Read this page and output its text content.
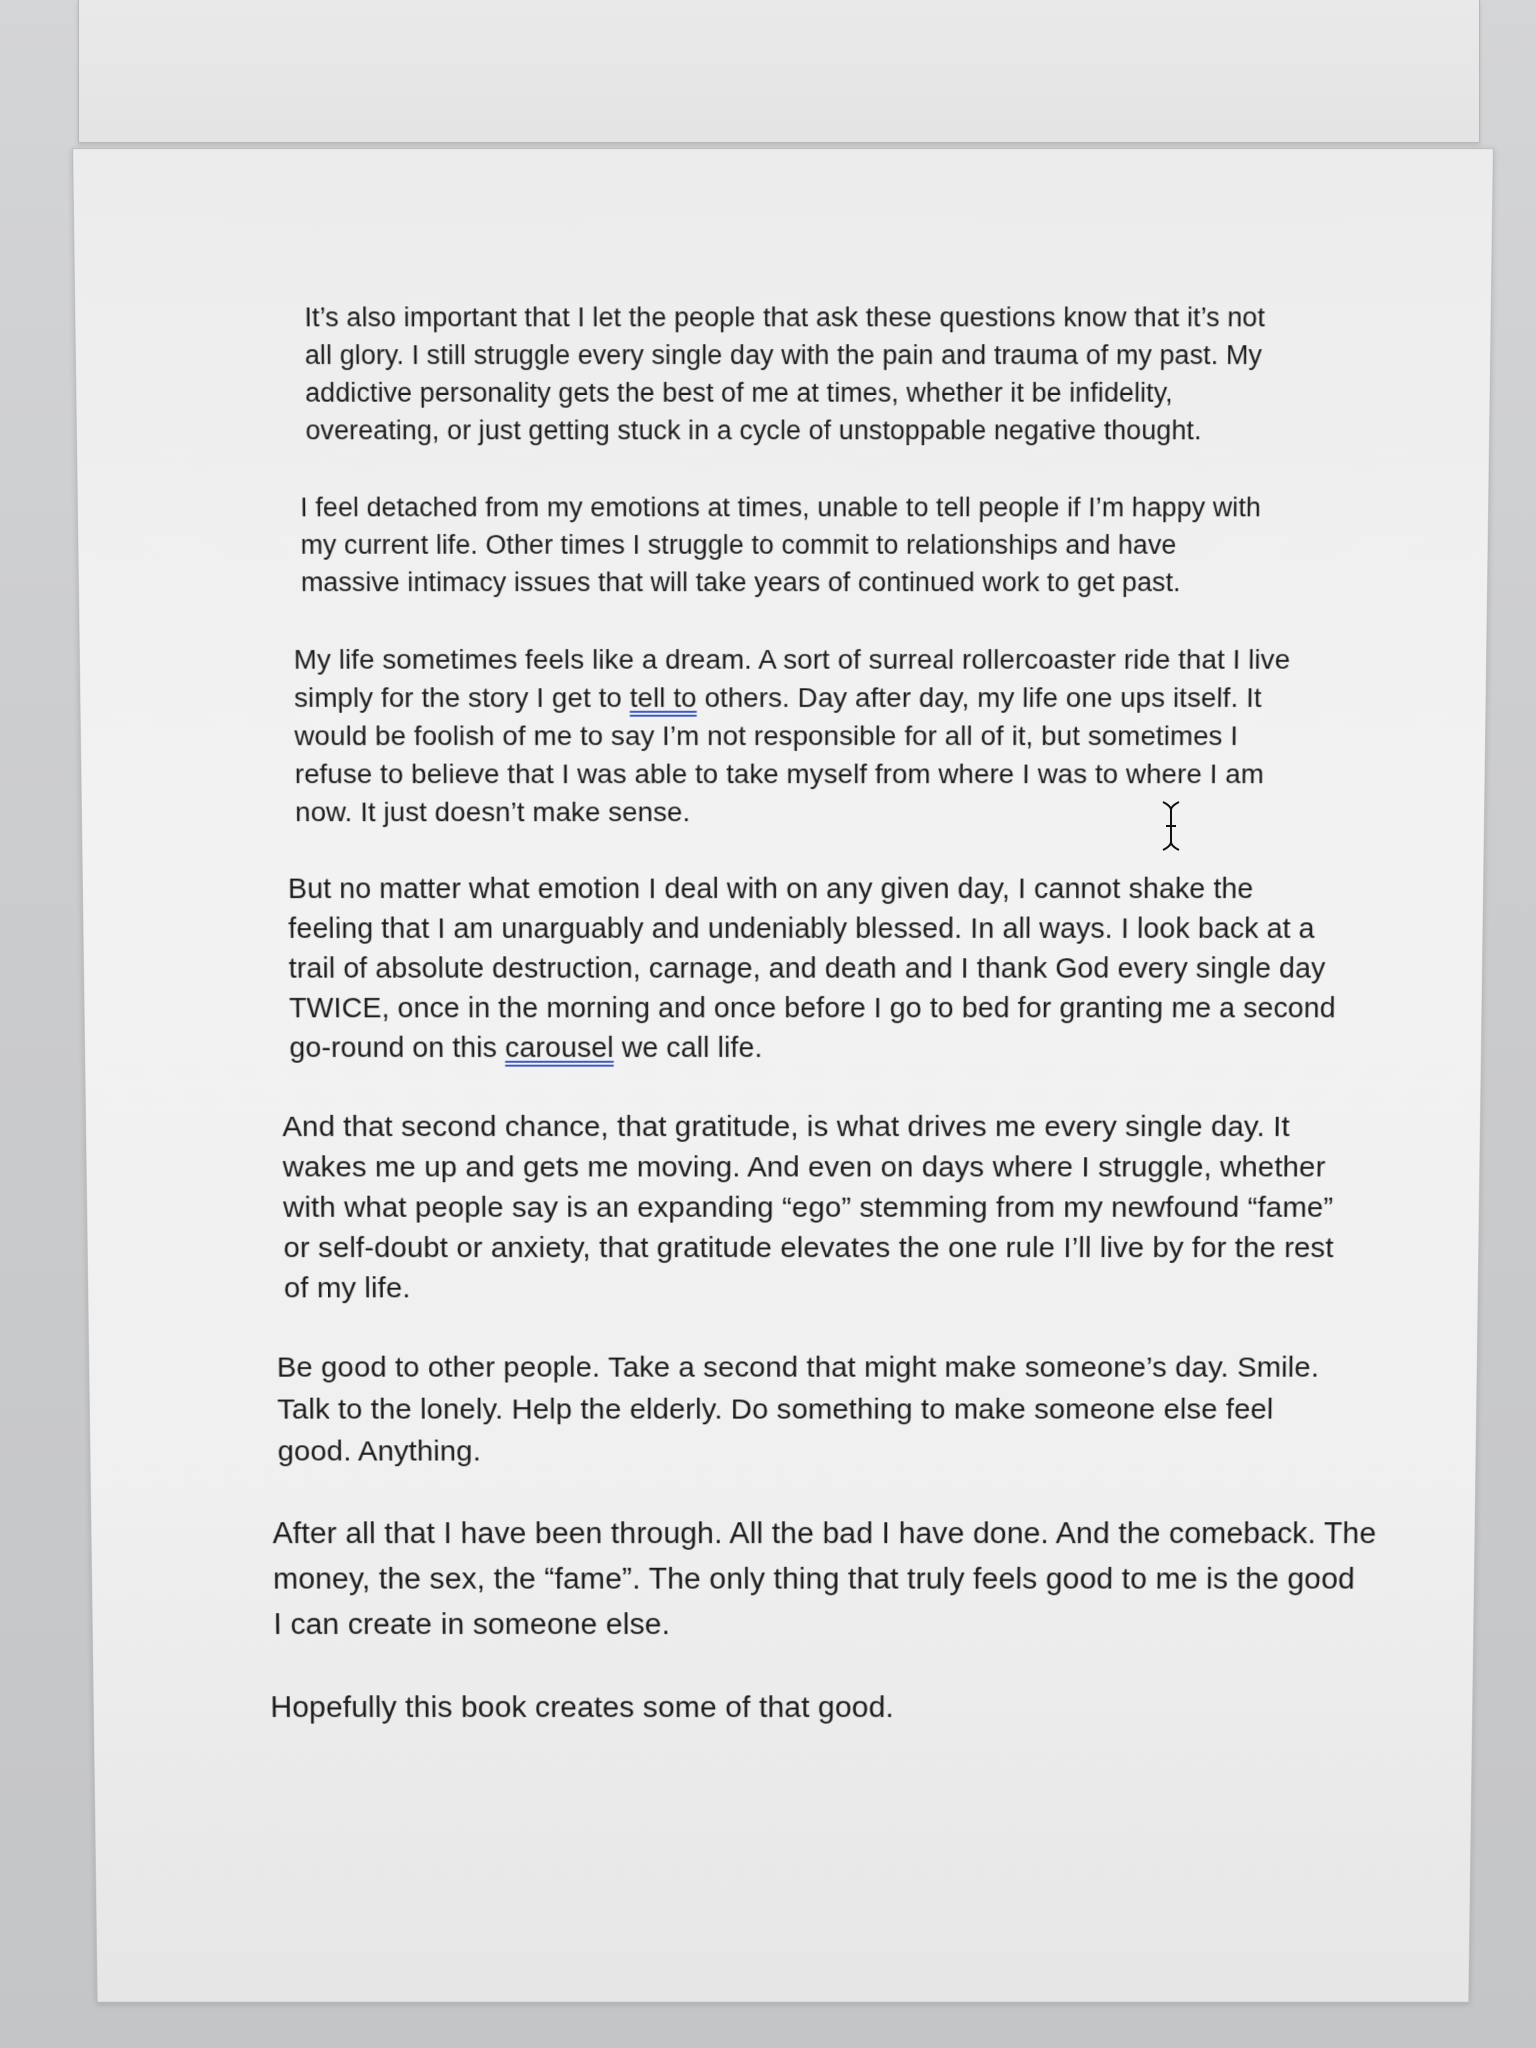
It’s also important that I let the people that ask these questions know that it’s not
all glory. I still struggle every single day with the pain and trauma of my past. My
addictive personality gets the best of me at times, whether it be infidelity,
overeating, or just getting stuck in a cycle of unstoppable negative thought.
I feel detached from my emotions at times, unable to tell people if I’m happy with
my current life. Other times I struggle to commit to relationships and have
massive intimacy issues that will take years of continued work to get past.
My life sometimes feels like a dream. A sort of surreal rollercoaster ride that I live
simply for the story I get to tell to others. Day after day, my life one ups itself. It
would be foolish of me to say I’m not responsible for all of it, but sometimes I
refuse to believe that I was able to take myself from where I was to where I am
now. It just doesn’t make sense.
But no matter what emotion I deal with on any given day, I cannot shake the
feeling that I am unarguably and undeniably blessed. In all ways. I look back at a
trail of absolute destruction, carnage, and death and I thank God every single day
TWICE, once in the morning and once before I go to bed for granting me a second
go-round on this carousel we call life.
And that second chance, that gratitude, is what drives me every single day. It
wakes me up and gets me moving. And even on days where I struggle, whether
with what people say is an expanding “ego” stemming from my newfound “fame”
or self-doubt or anxiety, that gratitude elevates the one rule I’ll live by for the rest
of my life.
Be good to other people. Take a second that might make someone’s day. Smile.
Talk to the lonely. Help the elderly. Do something to make someone else feel
good. Anything.
After all that I have been through. All the bad I have done. And the comeback. The
money, the sex, the “fame”. The only thing that truly feels good to me is the good
I can create in someone else.
Hopefully this book creates some of that good.
